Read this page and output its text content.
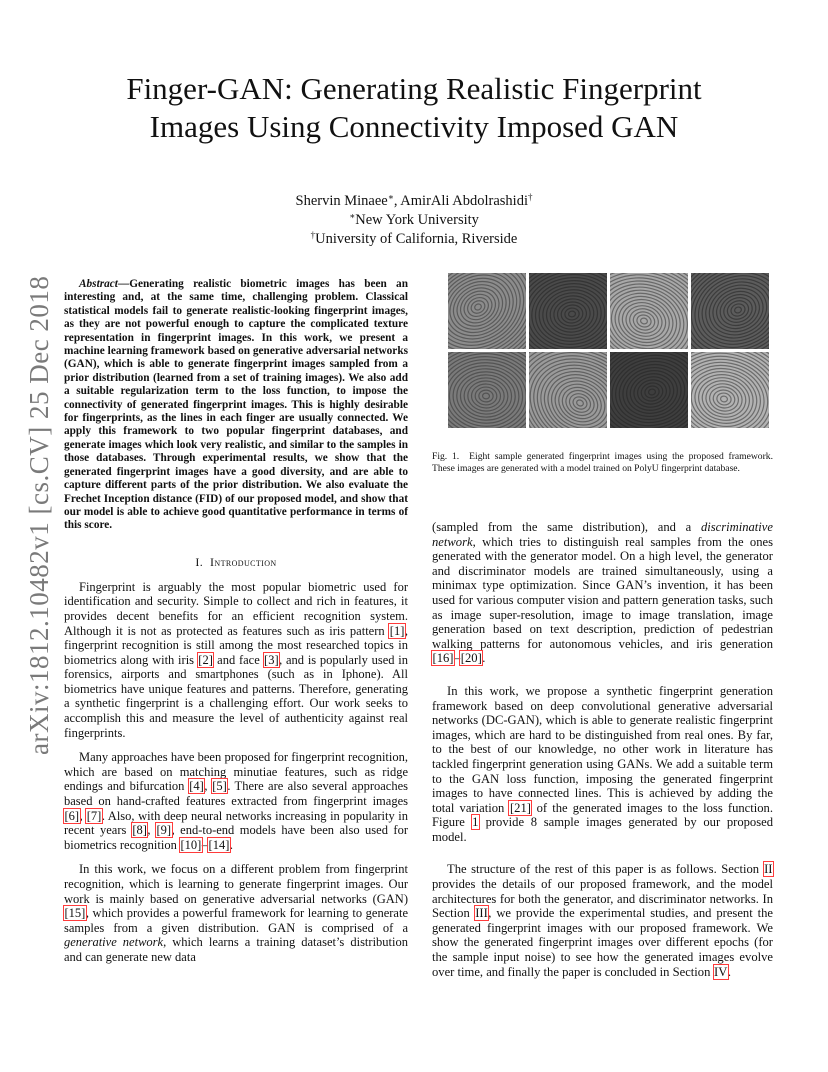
arXiv:1812.10482v1 [cs.CV] 25 Dec 2018
Finger-GAN: Generating Realistic Fingerprint
Images Using Connectivity Imposed GAN
Shervin Minaee∗, AmirAli Abdolrashidi†
∗New York University
†University of California, Riverside

Abstract—Generating realistic biometric images has been an interesting and, at the same time, challenging problem. Classical statistical models fail to generate realistic-looking fingerprint images, as they are not powerful enough to capture the complicated texture representation in fingerprint images. In this work, we present a machine learning framework based on generative adversarial networks (GAN), which is able to generate fingerprint images sampled from a prior distribution (learned from a set of training images). We also add a suitable regularization term to the loss function, to impose the connectivity of generated fingerprint images. This is highly desirable for fingerprints, as the lines in each finger are usually connected. We apply this framework to two popular fingerprint databases, and generate images which look very realistic, and similar to the samples in those databases. Through experimental results, we show that the generated fingerprint images have a good diversity, and are able to capture different parts of the prior distribution. We also evaluate the Frechet Inception distance (FID) of our proposed model, and show that our model is able to achieve good quantitative performance in terms of this score.

I. Introduction

Fingerprint is arguably the most popular biometric used for identification and security. Simple to collect and rich in features, it provides decent benefits for an efficient recognition system. Although it is not as protected as features such as iris pattern [1], fingerprint recognition is still among the most researched topics in biometrics along with iris [2] and face [3], and is popularly used in forensics, airports and smartphones (such as in Iphone). All biometrics have unique features and patterns. Therefore, generating a synthetic fingerprint is a challenging effort. Our work seeks to accomplish this and measure the level of authenticity against real fingerprints.

Many approaches have been proposed for fingerprint recognition, which are based on matching minutiae features, such as ridge endings and bifurcation [4], [5]. There are also several approaches based on hand-crafted features extracted from fingerprint images [6], [7]. Also, with deep neural networks increasing in popularity in recent years [8], [9], end-to-end models have been also used for biometrics recognition [10]–[14].

In this work, we focus on a different problem from fingerprint recognition, which is learning to generate fingerprint images. Our work is mainly based on generative adversarial networks (GAN) [15], which provides a powerful framework for learning to generate samples from a given distribution. GAN is comprised of a generative network, which learns a training dataset’s distribution and can generate new data

Fig. 1. Eight sample generated fingerprint images using the proposed framework. These images are generated with a model trained on PolyU fingerprint database.

(sampled from the same distribution), and a discriminative network, which tries to distinguish real samples from the ones generated with the generator model. On a high level, the generator and discriminator models are trained simultaneously, using a minimax type optimization. Since GAN’s invention, it has been used for various computer vision and pattern generation tasks, such as image super-resolution, image to image translation, image generation based on text description, prediction of pedestrian walking patterns for autonomous vehicles, and iris generation [16]–[20].

In this work, we propose a synthetic fingerprint generation framework based on deep convolutional generative adversarial networks (DC-GAN), which is able to generate realistic fingerprint images, which are hard to be distinguished from real ones. By far, to the best of our knowledge, no other work in literature has tackled fingerprint generation using GANs. We add a suitable term to the GAN loss function, imposing the generated fingerprint images to have connected lines. This is achieved by adding the total variation [21] of the generated images to the loss function. Figure 1 provide 8 sample images generated by our proposed model.

The structure of the rest of this paper is as follows. Section II provides the details of our proposed framework, and the model architectures for both the generator, and discriminator networks. In Section III, we provide the experimental studies, and present the generated fingerprint images with our proposed framework. We show the generated fingerprint images over different epochs (for the sample input noise) to see how the generated images evolve over time, and finally the paper is concluded in Section IV.
